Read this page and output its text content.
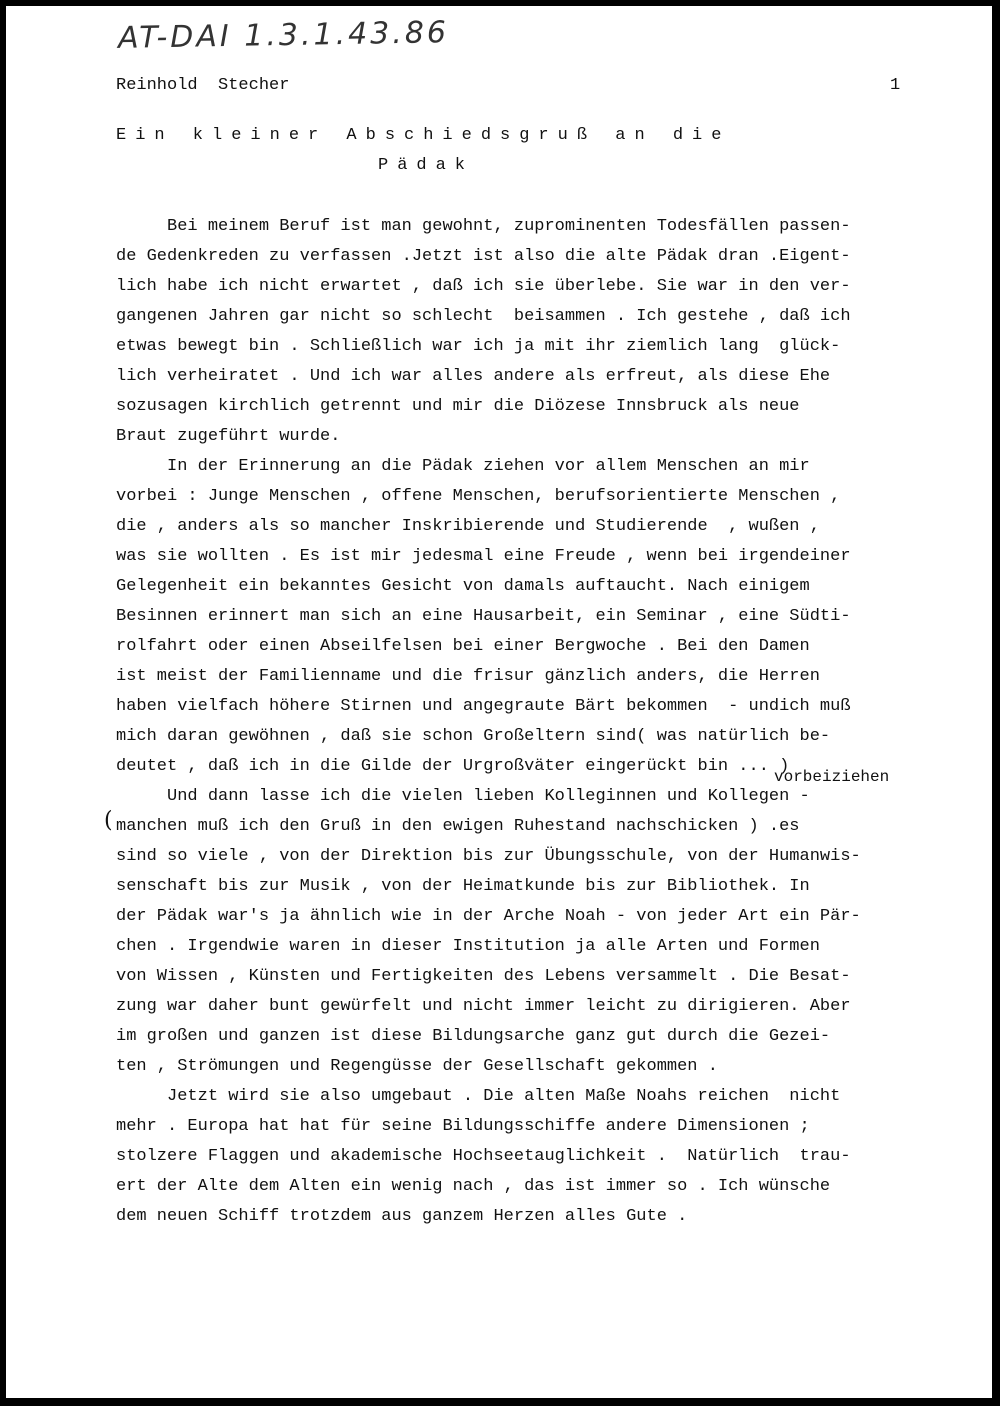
AT-DAI 1.3.1.43.86
Reinhold  Stecher	1
Ein kleiner Abschiedsgruß an die
Pädak
vorbeiziehen
(
Bei meinem Beruf ist man gewohnt, zuprominenten Todesfällen passen-
de Gedenkreden zu verfassen .Jetzt ist also die alte Pädak dran .Eigent-
lich habe ich nicht erwartet , daß ich sie überlebe. Sie war in den ver-
gangenen Jahren gar nicht so schlecht  beisammen . Ich gestehe , daß ich
etwas bewegt bin . Schließlich war ich ja mit ihr ziemlich lang  glück-
lich verheiratet . Und ich war alles andere als erfreut, als diese Ehe
sozusagen kirchlich getrennt und mir die Diözese Innsbruck als neue
Braut zugeführt wurde.
In der Erinnerung an die Pädak ziehen vor allem Menschen an mir
vorbei : Junge Menschen , offene Menschen, berufsorientierte Menschen ,
die , anders als so mancher Inskribierende und Studierende  , wußen ,
was sie wollten . Es ist mir jedesmal eine Freude , wenn bei irgendeiner
Gelegenheit ein bekanntes Gesicht von damals auftaucht. Nach einigem
Besinnen erinnert man sich an eine Hausarbeit, ein Seminar , eine Südti-
rolfahrt oder einen Abseilfelsen bei einer Bergwoche . Bei den Damen
ist meist der Familienname und die frisur gänzlich anders, die Herren
haben vielfach höhere Stirnen und angegraute Bärt bekommen  - undich muß
mich daran gewöhnen , daß sie schon Großeltern sind( was natürlich be-
deutet , daß ich in die Gilde der Urgroßväter eingerückt bin ... )
Und dann lasse ich die vielen lieben Kolleginnen und Kollegen -
manchen muß ich den Gruß in den ewigen Ruhestand nachschicken ) .es
sind so viele , von der Direktion bis zur Übungsschule, von der Humanwis-
senschaft bis zur Musik , von der Heimatkunde bis zur Bibliothek. In
der Pädak war's ja ähnlich wie in der Arche Noah - von jeder Art ein Pär-
chen . Irgendwie waren in dieser Institution ja alle Arten und Formen
von Wissen , Künsten und Fertigkeiten des Lebens versammelt . Die Besat-
zung war daher bunt gewürfelt und nicht immer leicht zu dirigieren. Aber
im großen und ganzen ist diese Bildungsarche ganz gut durch die Gezei-
ten , Strömungen und Regengüsse der Gesellschaft gekommen .
Jetzt wird sie also umgebaut . Die alten Maße Noahs reichen  nicht
mehr . Europa hat hat für seine Bildungsschiffe andere Dimensionen ;
stolzere Flaggen und akademische Hochseetauglichkeit .  Natürlich  trau-
ert der Alte dem Alten ein wenig nach , das ist immer so . Ich wünsche
dem neuen Schiff trotzdem aus ganzem Herzen alles Gute .
